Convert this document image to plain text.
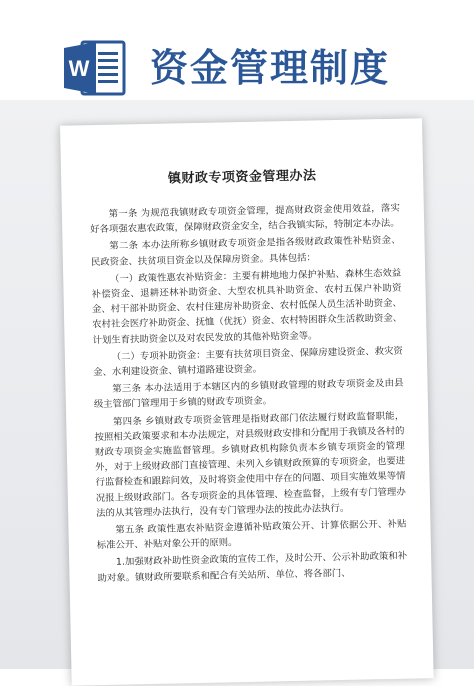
W 资金管理制度
镇财政专项资金管理办法

第一条 为规范我镇财政专项资金管理，提高财政资金使用效益，落实好各项强农惠农政策，保障财政资金安全，结合我镇实际，特制定本办法。

第二条 本办法所称乡镇财政专项资金是指各级财政政策性补贴资金、民政资金、扶贫项目资金以及保障房资金。具体包括：

（一）政策性惠农补贴资金：主要有耕地地力保护补贴、森林生态效益补偿资金、退耕还林补助资金、大型农机具补助资金、农村五保户补助资金、村干部补助资金、农村住建房补助资金、农村低保人员生活补助资金、农村社会医疗补助资金、抚恤（优抚）资金、农村特困群众生活救助资金、计划生育扶助资金以及对农民发放的其他补贴资金等。

（二）专项补助资金：主要有扶贫项目资金、保障房建设资金、救灾资金、水利建设资金、镇村道路建设资金。

第三条 本办法适用于本辖区内的乡镇财政管理的财政专项资金及由县级主管部门管理用于乡镇的财政专项资金。

第四条 乡镇财政专项资金管理是指财政部门依法履行财政监督职能，按照相关政策要求和本办法规定，对县级财政安排和分配用于我镇及各村的财政专项资金实施监督管理。乡镇财政机构除负责本乡镇专项资金的管理外，对于上级财政部门直接管理、未列入乡镇财政预算的专项资金，也要进行监督检查和跟踪问效，及时将资金使用中存在的问题、项目实施效果等情况报上级财政部门。各专项资金的具体管理、检查监督，上级有专门管理办法的从其管理办法执行，没有专门管理办法的按此办法执行。

第五条 政策性惠农补贴资金遵循补贴政策公开、计算依据公开、补贴标准公开、补贴对象公开的原则。

1.加强财政补助性资金政策的宣传工作，及时公开、公示补助政策和补助对象。镇财政所要联系和配合有关站所、单位、将各部门、
